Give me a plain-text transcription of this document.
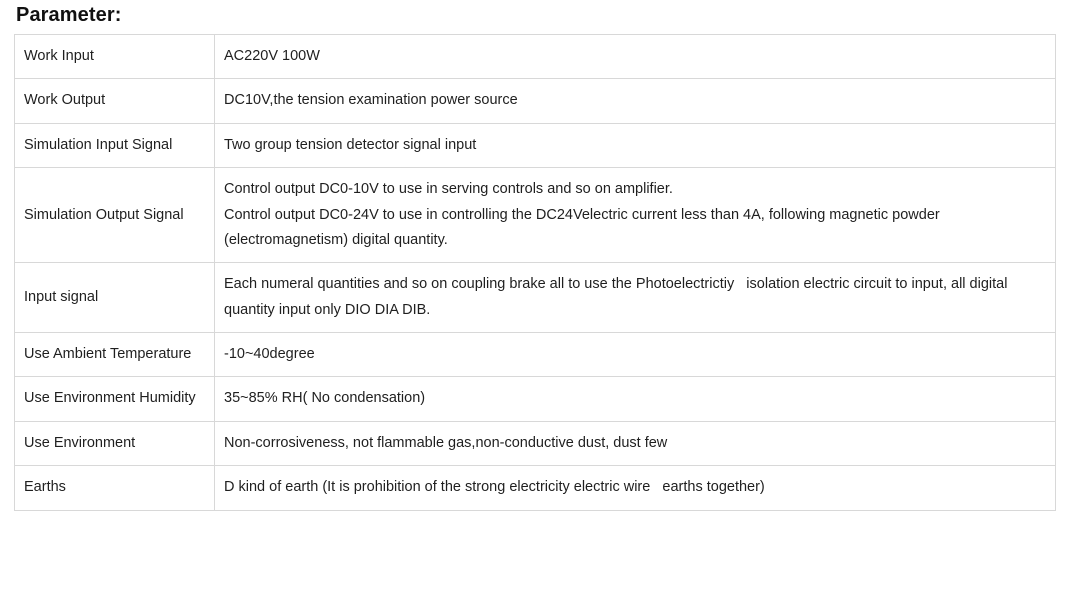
Parameter:
Work Input	AC220V 100W

Work Output	DC10V,the tension examination power source

Simulation Input Signal	Two group tension detector signal input

Simulation Output Signal	Control output DC0-10V to use in serving controls and so on amplifier.
Control output DC0-24V to use in controlling the DC24Velectric current less than 4A, following magnetic powder (electromagnetism) digital quantity.

Input signal	Each numeral quantities and so on coupling brake all to use the Photoelectrictiy   isolation electric circuit to input, all digital quantity input only DIO DIA DIB.

Use Ambient Temperature	-10~40degree

Use Environment Humidity	35~85% RH( No condensation)

Use Environment	Non-corrosiveness, not flammable gas,non-conductive dust, dust few

Earths	D kind of earth (It is prohibition of the strong electricity electric wire   earths together)
